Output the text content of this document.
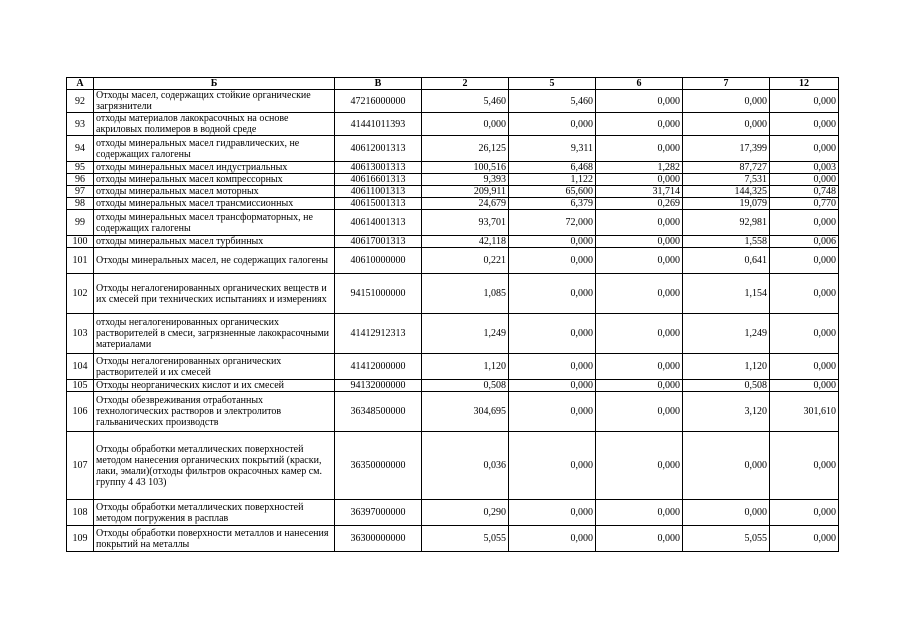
А	Б	В	2	5	6	7	12
92	Отходы масел, содержащих стойкие органические загрязнители	47216000000	5,460	5,460	0,000	0,000	0,000
93	отходы материалов лакокрасочных на основе акриловых полимеров в водной среде	41441011393	0,000	0,000	0,000	0,000	0,000
94	отходы минеральных масел гидравлических, не содержащих галогены	40612001313	26,125	9,311	0,000	17,399	0,000
95	отходы минеральных масел индустриальных	40613001313	100,516	6,468	1,282	87,727	0,003
96	отходы минеральных масел компрессорных	40616601313	9,393	1,122	0,000	7,531	0,000
97	отходы минеральных масел моторных	40611001313	209,911	65,600	31,714	144,325	0,748
98	отходы минеральных масел трансмиссионных	40615001313	24,679	6,379	0,269	19,079	0,770
99	отходы минеральных масел трансформаторных, не содержащих галогены	40614001313	93,701	72,000	0,000	92,981	0,000
100	отходы минеральных масел турбинных	40617001313	42,118	0,000	0,000	1,558	0,006
101	Отходы минеральных масел, не содержащих галогены	40610000000	0,221	0,000	0,000	0,641	0,000
102	Отходы негалогенированных органических веществ и их смесей при технических испытаниях и измерениях	94151000000	1,085	0,000	0,000	1,154	0,000
103	отходы негалогенированных органических растворителей в смеси, загрязненные лакокрасочными материалами	41412912313	1,249	0,000	0,000	1,249	0,000
104	Отходы негалогенированных органических растворителей и их смесей	41412000000	1,120	0,000	0,000	1,120	0,000
105	Отходы неорганических кислот и их смесей	94132000000	0,508	0,000	0,000	0,508	0,000
106	Отходы обезвреживания отработанных технологических растворов и электролитов гальванических производств	36348500000	304,695	0,000	0,000	3,120	301,610
107	Отходы обработки металлических поверхностей методом нанесения органических покрытий (краски, лаки, эмали)(отходы фильтров окрасочных камер см. группу 4 43 103)	36350000000	0,036	0,000	0,000	0,000	0,000
108	Отходы обработки металлических поверхностей методом погружения в расплав	36397000000	0,290	0,000	0,000	0,000	0,000
109	Отходы обработки поверхности металлов и нанесения покрытий на металлы	36300000000	5,055	0,000	0,000	5,055	0,000
